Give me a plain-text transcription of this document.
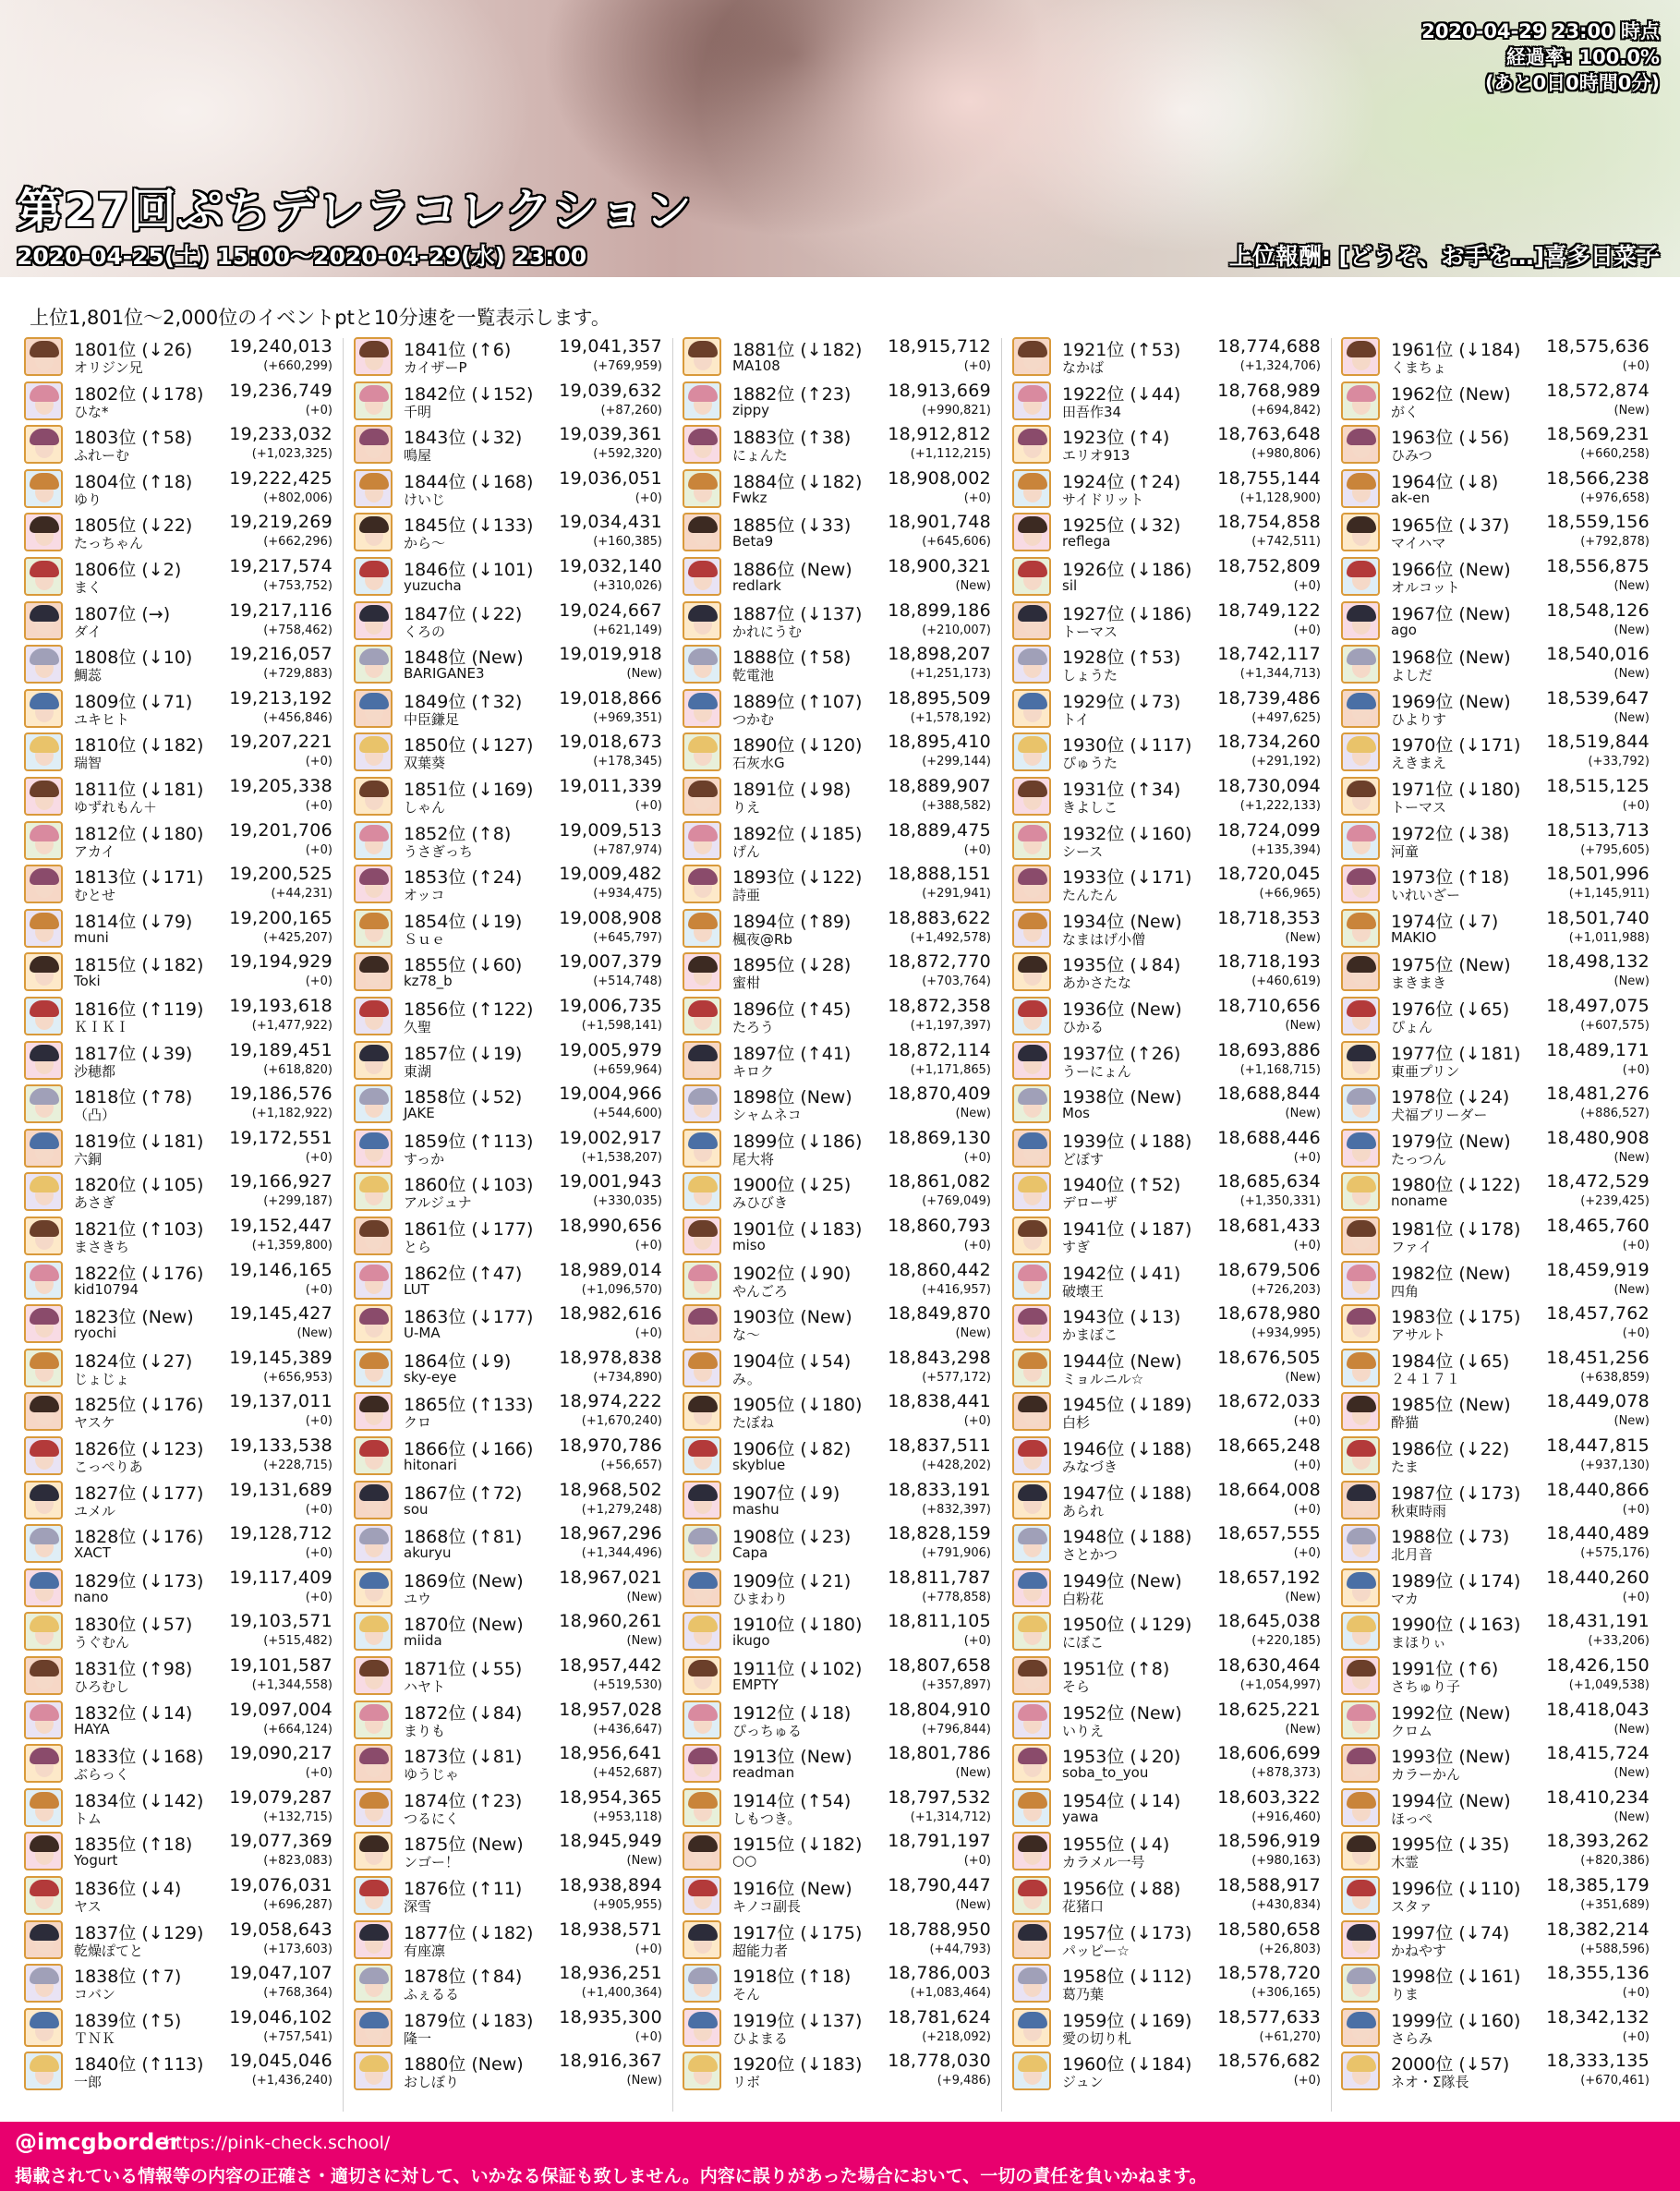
2020-04-29 23:00 時点
経過率: 100.0%
(あと0日0時間0分)
第27回ぷちデレラコレクション
2020-04-25(土) 15:00～2020-04-29(水) 23:00	上位報酬: [どうぞ、お手を…]喜多日菜子
上位1,801位～2,000位のイベントptと10分速を一覧表示します。
1801位 (↓26) 19,240,013
オリジン兄	(+660,299)
1802位 (↓178) 19,236,749
ひな*	(+0)
1803位 (↑58) 19,233,032
ふれーむ	(+1,023,325)
1804位 (↑18) 19,222,425
ゆり	(+802,006)
1805位 (↓22) 19,219,269
たっちゃん	(+662,296)
1806位 (↓2)	19,217,574
まく	(+753,752)
1807位 (→)	19,217,116
ダイ	(+758,462)
1808位 (↓10) 19,216,057
鯛蕊	(+729,883)
1809位 (↓71) 19,213,192
ユキヒト	(+456,846)
1810位 (↓182) 19,207,221
瑞智	(+0)
1811位 (↓181) 19,205,338
ゆずれもん＋	(+0)
1812位 (↓180) 19,201,706
アカイ	(+0)
1813位 (↓171) 19,200,525
むとせ	(+44,231)
1814位 (↓79) 19,200,165
muni	(+425,207)
1815位 (↓182) 19,194,929
Toki	(+0)
1816位 (↑119) 19,193,618
ＫＩＫＩ	(+1,477,922)
1817位 (↓39) 19,189,451
沙穂都	(+618,820)
1818位 (↑78) 19,186,576
（凸）	(+1,182,922)
1819位 (↓181) 19,172,551
六銅	(+0)
1820位 (↓105) 19,166,927
あさぎ	(+299,187)
1821位 (↑103) 19,152,447
まさきち	(+1,359,800)
1822位 (↓176) 19,146,165
kid10794	(+0)
1823位 (New) 19,145,427
ryochi	(New)
1824位 (↓27) 19,145,389
じょじょ	(+656,953)
1825位 (↓176) 19,137,011
ヤスケ	(+0)
1826位 (↓123) 19,133,538
こっぺりあ	(+228,715)
1827位 (↓177) 19,131,689
ユメル	(+0)
1828位 (↓176) 19,128,712
XACT	(+0)
1829位 (↓173) 19,117,409
nano	(+0)
1830位 (↓57) 19,103,571
うぐむん	(+515,482)
1831位 (↑98) 19,101,587
ひろむし	(+1,344,558)
1832位 (↓14) 19,097,004
HAYA	(+664,124)
1833位 (↓168) 19,090,217
ぶらっく	(+0)
1834位 (↓142) 19,079,287
トム	(+132,715)
1835位 (↑18) 19,077,369
Yogurt	(+823,083)
1836位 (↓4)	19,076,031
ヤス	(+696,287)
1837位 (↓129) 19,058,643
乾燥ぽてと	(+173,603)
1838位 (↑7)	19,047,107
コバン	(+768,364)
1839位 (↑5)	19,046,102
ＴＮＫ	(+757,541)
1840位 (↑113) 19,045,046
一郎	(+1,436,240)
1841位 (↑6)	19,041,357
カイザーP	(+769,959)
1842位 (↓152) 19,039,632
千明	(+87,260)
1843位 (↓32) 19,039,361
鳴屋	(+592,320)
1844位 (↓168) 19,036,051
けいじ	(+0)
1845位 (↓133) 19,034,431
から～	(+160,385)
1846位 (↓101) 19,032,140
yuzucha	(+310,026)
1847位 (↓22) 19,024,667
くろの	(+621,149)
1848位 (New) 19,019,918
BARIGANE3	(New)
1849位 (↑32) 19,018,866
中臣鎌足	(+969,351)
1850位 (↓127) 19,018,673
双葉葵	(+178,345)
1851位 (↓169) 19,011,339
しゃん	(+0)
1852位 (↑8)	19,009,513
うさぎっち	(+787,974)
1853位 (↑24) 19,009,482
オッコ	(+934,475)
1854位 (↓19) 19,008,908
Ｓｕｅ	(+645,797)
1855位 (↓60) 19,007,379
kz78_b	(+514,748)
1856位 (↑122) 19,006,735
久聖	(+1,598,141)
1857位 (↓19) 19,005,979
東湖	(+659,964)
1858位 (↓52) 19,004,966
JAKE	(+544,600)
1859位 (↑113) 19,002,917
すっか	(+1,538,207)
1860位 (↓103) 19,001,943
アルジュナ	(+330,035)
1861位 (↓177) 18,990,656
とら	(+0)
1862位 (↑47) 18,989,014
LUT	(+1,096,570)
1863位 (↓177) 18,982,616
U-MA	(+0)
1864位 (↓9)	18,978,838
sky-eye	(+734,890)
1865位 (↑133) 18,974,222
クロ	(+1,670,240)
1866位 (↓166) 18,970,786
hitonari	(+56,657)
1867位 (↑72) 18,968,502
sou	(+1,279,248)
1868位 (↑81) 18,967,296
akuryu	(+1,344,496)
1869位 (New) 18,967,021
ユウ	(New)
1870位 (New) 18,960,261
miida	(New)
1871位 (↓55) 18,957,442
ハヤト	(+519,530)
1872位 (↓84) 18,957,028
まりも	(+436,647)
1873位 (↓81) 18,956,641
ゆうじゃ	(+452,687)
1874位 (↑23) 18,954,365
つるにく	(+953,118)
1875位 (New) 18,945,949
ンゴー！	(New)
1876位 (↑11) 18,938,894
深雪	(+905,955)
1877位 (↓182) 18,938,571
有座凛	(+0)
1878位 (↑84) 18,936,251
ふぇるる	(+1,400,364)
1879位 (↓183) 18,935,300
隆一	(+0)
1880位 (New) 18,916,367
おしぼり	(New)
1881位 (↓182) 18,915,712
MA108	(+0)
1882位 (↑23) 18,913,669
zippy	(+990,821)
1883位 (↑38) 18,912,812
にょんた	(+1,112,215)
1884位 (↓182) 18,908,002
Fwkz	(+0)
1885位 (↓33) 18,901,748
Beta9	(+645,606)
1886位 (New) 18,900,321
redlark	(New)
1887位 (↓137) 18,899,186
かれにうむ	(+210,007)
1888位 (↑58) 18,898,207
乾電池	(+1,251,173)
1889位 (↑107) 18,895,509
つかむ	(+1,578,192)
1890位 (↓120) 18,895,410
石灰水G	(+299,144)
1891位 (↓98) 18,889,907
りえ	(+388,582)
1892位 (↓185) 18,889,475
げん	(+0)
1893位 (↓122) 18,888,151
詩亜	(+291,941)
1894位 (↑89) 18,883,622
楓夜@Rb	(+1,492,578)
1895位 (↓28) 18,872,770
蜜柑	(+703,764)
1896位 (↑45) 18,872,358
たろう	(+1,197,397)
1897位 (↑41) 18,872,114
キロク	(+1,171,865)
1898位 (New) 18,870,409
シャムネコ	(New)
1899位 (↓186) 18,869,130
尾大将	(+0)
1900位 (↓25) 18,861,082
みひびき	(+769,049)
1901位 (↓183) 18,860,793
miso	(+0)
1902位 (↓90) 18,860,442
やんごろ	(+416,957)
1903位 (New) 18,849,870
な～	(New)
1904位 (↓54) 18,843,298
み。	(+577,172)
1905位 (↓180) 18,838,441
たぼね	(+0)
1906位 (↓82) 18,837,511
skyblue	(+428,202)
1907位 (↓9)	18,833,191
mashu	(+832,397)
1908位 (↓23) 18,828,159
Capa	(+791,906)
1909位 (↓21) 18,811,787
ひまわり	(+778,858)
1910位 (↓180) 18,811,105
ikugo	(+0)
1911位 (↓102) 18,807,658
EMPTY	(+357,897)
1912位 (↓18) 18,804,910
ぴっちゅる	(+796,844)
1913位 (New) 18,801,786
readman	(New)
1914位 (↑54) 18,797,532
しもつき。	(+1,314,712)
1915位 (↓182) 18,791,197
○○	(+0)
1916位 (New) 18,790,447
キノコ副長	(New)
1917位 (↓175) 18,788,950
超能力者	(+44,793)
1918位 (↑18) 18,786,003
そん	(+1,083,464)
1919位 (↓137) 18,781,624
ひよまる	(+218,092)
1920位 (↓183) 18,778,030
リボ	(+9,486)
1921位 (↑53) 18,774,688
なかば	(+1,324,706)
1922位 (↓44) 18,768,989
田吾作34	(+694,842)
1923位 (↑4)	18,763,648
エリオ913	(+980,806)
1924位 (↑24) 18,755,144
サイドリット	(+1,128,900)
1925位 (↓32) 18,754,858
reflega	(+742,511)
1926位 (↓186) 18,752,809
sil	(+0)
1927位 (↓186) 18,749,122
トーマス	(+0)
1928位 (↑53) 18,742,117
しょうた	(+1,344,713)
1929位 (↓73) 18,739,486
トイ	(+497,625)
1930位 (↓117) 18,734,260
ぴゅうた	(+291,192)
1931位 (↑34) 18,730,094
きよしこ	(+1,222,133)
1932位 (↓160) 18,724,099
シース	(+135,394)
1933位 (↓171) 18,720,045
たんたん	(+66,965)
1934位 (New) 18,718,353
なまはげ小僧	(New)
1935位 (↓84) 18,718,193
あかさたな	(+460,619)
1936位 (New) 18,710,656
ひかる	(New)
1937位 (↑26) 18,693,886
うーにょん	(+1,168,715)
1938位 (New) 18,688,844
Mos	(New)
1939位 (↓188) 18,688,446
どぼす	(+0)
1940位 (↑52) 18,685,634
デローザ	(+1,350,331)
1941位 (↓187) 18,681,433
すぎ	(+0)
1942位 (↓41) 18,679,506
破壊王	(+726,203)
1943位 (↓13) 18,678,980
かまぼこ	(+934,995)
1944位 (New) 18,676,505
ミョルニル☆	(New)
1945位 (↓189) 18,672,033
白杉	(+0)
1946位 (↓188) 18,665,248
みなづき	(+0)
1947位 (↓188) 18,664,008
あられ	(+0)
1948位 (↓188) 18,657,555
さとかつ	(+0)
1949位 (New) 18,657,192
白粉花	(New)
1950位 (↓129) 18,645,038
にぼこ	(+220,185)
1951位 (↑8)	18,630,464
そら	(+1,054,997)
1952位 (New) 18,625,221
いりえ	(New)
1953位 (↓20) 18,606,699
soba_to_you	(+878,373)
1954位 (↓14) 18,603,322
yawa	(+916,460)
1955位 (↓4)	18,596,919
カラメル一号	(+980,163)
1956位 (↓88) 18,588,917
花猪口	(+430,834)
1957位 (↓173) 18,580,658
パッピー☆	(+26,803)
1958位 (↓112) 18,578,720
葛乃葉	(+306,165)
1959位 (↓169) 18,577,633
愛の切り札	(+61,270)
1960位 (↓184) 18,576,682
ジュン	(+0)
1961位 (↓184) 18,575,636
くまちょ	(+0)
1962位 (New) 18,572,874
がく	(New)
1963位 (↓56) 18,569,231
ひみつ	(+660,258)
1964位 (↓8)	18,566,238
ak-en	(+976,658)
1965位 (↓37) 18,559,156
マイハマ	(+792,878)
1966位 (New) 18,556,875
オルコット	(New)
1967位 (New) 18,548,126
ago	(New)
1968位 (New) 18,540,016
よしだ	(New)
1969位 (New) 18,539,647
ひよりす	(New)
1970位 (↓171) 18,519,844
えきまえ	(+33,792)
1971位 (↓180) 18,515,125
トーマス	(+0)
1972位 (↓38) 18,513,713
河童	(+795,605)
1973位 (↑18) 18,501,996
いれいざー	(+1,145,911)
1974位 (↓7)	18,501,740
MAKIO	(+1,011,988)
1975位 (New) 18,498,132
まきまき	(New)
1976位 (↓65) 18,497,075
ぴょん	(+607,575)
1977位 (↓181) 18,489,171
東亜プリン	(+0)
1978位 (↓24) 18,481,276
犬福ブリーダー	(+886,527)
1979位 (New) 18,480,908
たっつん	(New)
1980位 (↓122) 18,472,529
noname	(+239,425)
1981位 (↓178) 18,465,760
ファイ	(+0)
1982位 (New) 18,459,919
四角	(New)
1983位 (↓175) 18,457,762
アサルト	(+0)
1984位 (↓65) 18,451,256
２４１７１	(+638,859)
1985位 (New) 18,449,078
酔猫	(New)
1986位 (↓22) 18,447,815
たま	(+937,130)
1987位 (↓173) 18,440,866
秋東時雨	(+0)
1988位 (↓73) 18,440,489
北月音	(+575,176)
1989位 (↓174) 18,440,260
マカ	(+0)
1990位 (↓163) 18,431,191
まほりぃ	(+33,206)
1991位 (↑6)	18,426,150
さちゅり子	(+1,049,538)
1992位 (New) 18,418,043
クロム	(New)
1993位 (New) 18,415,724
カラーかん	(New)
1994位 (New) 18,410,234
ほっぺ	(New)
1995位 (↓35) 18,393,262
木霊	(+820,386)
1996位 (↓110) 18,385,179
スタァ	(+351,689)
1997位 (↓74) 18,382,214
かねやす	(+588,596)
1998位 (↓161) 18,355,136
りま	(+0)
1999位 (↓160) 18,342,132
さらみ	(+0)
2000位 (↓57) 18,333,135
ネオ・Σ隊長	(+670,461)
@imcgborder
https://pink-check.school/
掲載されている情報等の内容の正確さ・適切さに対して、いかなる保証も致しません。内容に誤りがあった場合において、一切の責任を負いかねます。
